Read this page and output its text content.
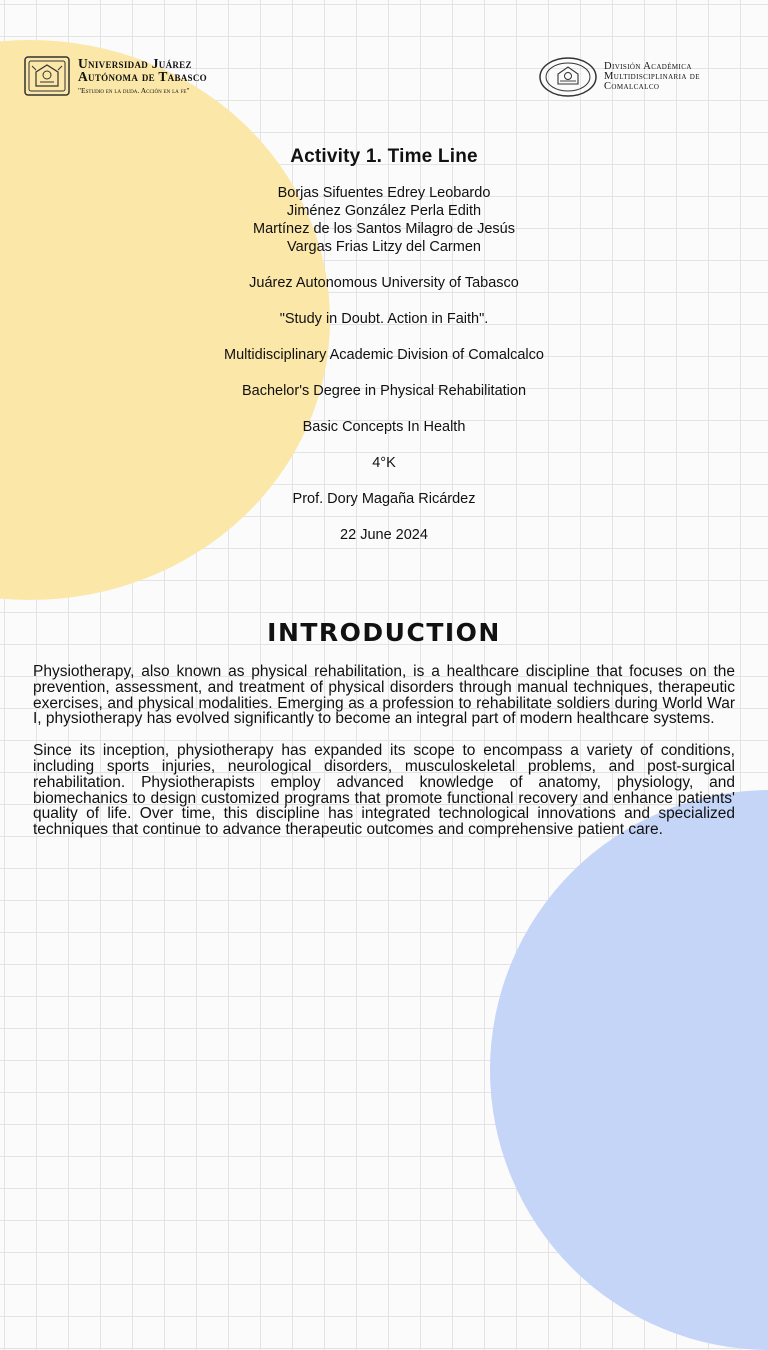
Universidad Juárez
Autónoma de Tabasco
"Estudio en la duda. Acción en la fe"
División Académica
Multidisciplinaria de
Comalcalco
Activity 1. Time Line
Borjas Sifuentes Edrey Leobardo
Jiménez González Perla Edith
Martínez de los Santos Milagro de Jesús
Vargas Frias Litzy del Carmen

Juárez Autonomous University of Tabasco

"Study in Doubt. Action in Faith".

Multidisciplinary Academic Division of Comalcalco

Bachelor's Degree in Physical Rehabilitation

Basic Concepts In Health

4°K

Prof. Dory Magaña Ricárdez

22 June 2024

INTRODUCTION

Physiotherapy, also known as physical rehabilitation, is a healthcare discipline that focuses on the prevention, assessment, and treatment of physical disorders through manual techniques, therapeutic exercises, and physical modalities. Emerging as a profession to rehabilitate soldiers during World War I, physiotherapy has evolved significantly to become an integral part of modern healthcare systems.

Since its inception, physiotherapy has expanded its scope to encompass a variety of conditions, including sports injuries, neurological disorders, musculoskeletal problems, and post-surgical rehabilitation. Physiotherapists employ advanced knowledge of anatomy, physiology, and biomechanics to design customized programs that promote functional recovery and enhance patients' quality of life. Over time, this discipline has integrated technological innovations and specialized techniques that continue to advance therapeutic outcomes and comprehensive patient care.
